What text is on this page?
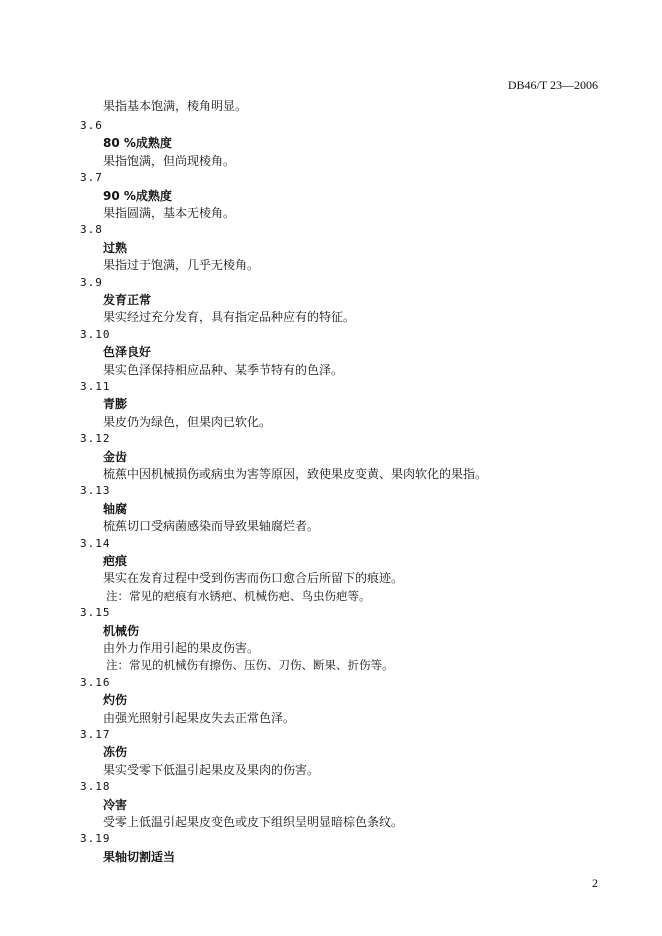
DB46/T 23—2006
果指基本饱满，棱角明显。
3.6
80 %成熟度
果指饱满，但尚现棱角。
3.7
90 %成熟度
果指圆满，基本无棱角。
3.8
过熟
果指过于饱满，几乎无棱角。
3.9
发育正常
果实经过充分发育，具有指定品种应有的特征。
3.10
色泽良好
果实色泽保持相应品种、某季节特有的色泽。
3.11
青膨
果皮仍为绿色，但果肉已软化。
3.12
金齿
梳蕉中因机械损伤或病虫为害等原因，致使果皮变黄、果肉软化的果指。
3.13
轴腐
梳蕉切口受病菌感染而导致果轴腐烂者。
3.14
疤痕
果实在发育过程中受到伤害而伤口愈合后所留下的痕迹。
注：常见的疤痕有水锈疤、机械伤疤、鸟虫伤疤等。
3.15
机械伤
由外力作用引起的果皮伤害。
注：常见的机械伤有擦伤、压伤、刀伤、断果、折伤等。
3.16
灼伤
由强光照射引起果皮失去正常色泽。
3.17
冻伤
果实受零下低温引起果皮及果肉的伤害。
3.18
冷害
受零上低温引起果皮变色或皮下组织呈明显暗棕色条纹。
3.19
果轴切割适当
2
